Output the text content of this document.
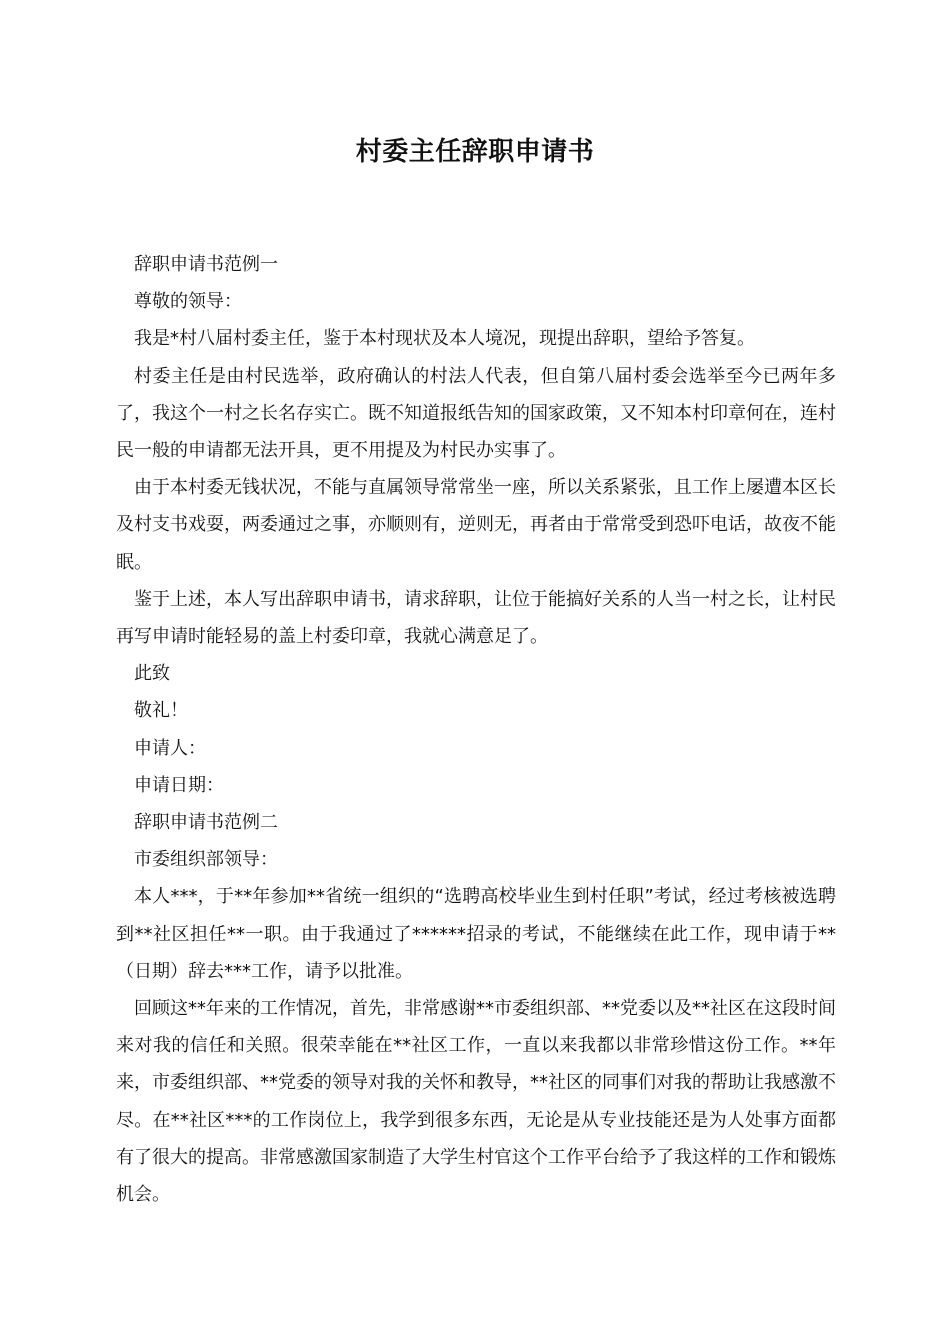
村委主任辞职申请书

辞职申请书范例一

尊敬的领导：

我是*村八届村委主任，鉴于本村现状及本人境况，现提出辞职，望给予答复。

村委主任是由村民选举，政府确认的村法人代表，但自第八届村委会选举至今已两年多了，我这个一村之长名存实亡。既不知道报纸告知的国家政策，又不知本村印章何在，连村民一般的申请都无法开具，更不用提及为村民办实事了。

由于本村委无钱状况，不能与直属领导常常坐一座，所以关系紧张，且工作上屡遭本区长及村支书戏耍，两委通过之事，亦顺则有，逆则无，再者由于常常受到恐吓电话，故夜不能眠。

鉴于上述，本人写出辞职申请书，请求辞职，让位于能搞好关系的人当一村之长，让村民再写申请时能轻易的盖上村委印章，我就心满意足了。

此致

敬礼！

申请人：

申请日期：

辞职申请书范例二

市委组织部领导：

本人***，于**年参加**省统一组织的“选聘高校毕业生到村任职”考试，经过考核被选聘到**社区担任**一职。由于我通过了******招录的考试，不能继续在此工作，现申请于**（日期）辞去***工作，请予以批准。

回顾这**年来的工作情况，首先，非常感谢**市委组织部、**党委以及**社区在这段时间来对我的信任和关照。很荣幸能在**社区工作，一直以来我都以非常珍惜这份工作。**年来，市委组织部、**党委的领导对我的关怀和教导，**社区的同事们对我的帮助让我感激不尽。在**社区***的工作岗位上，我学到很多东西，无论是从专业技能还是为人处事方面都有了很大的提高。非常感激国家制造了大学生村官这个工作平台给予了我这样的工作和锻炼机会。
